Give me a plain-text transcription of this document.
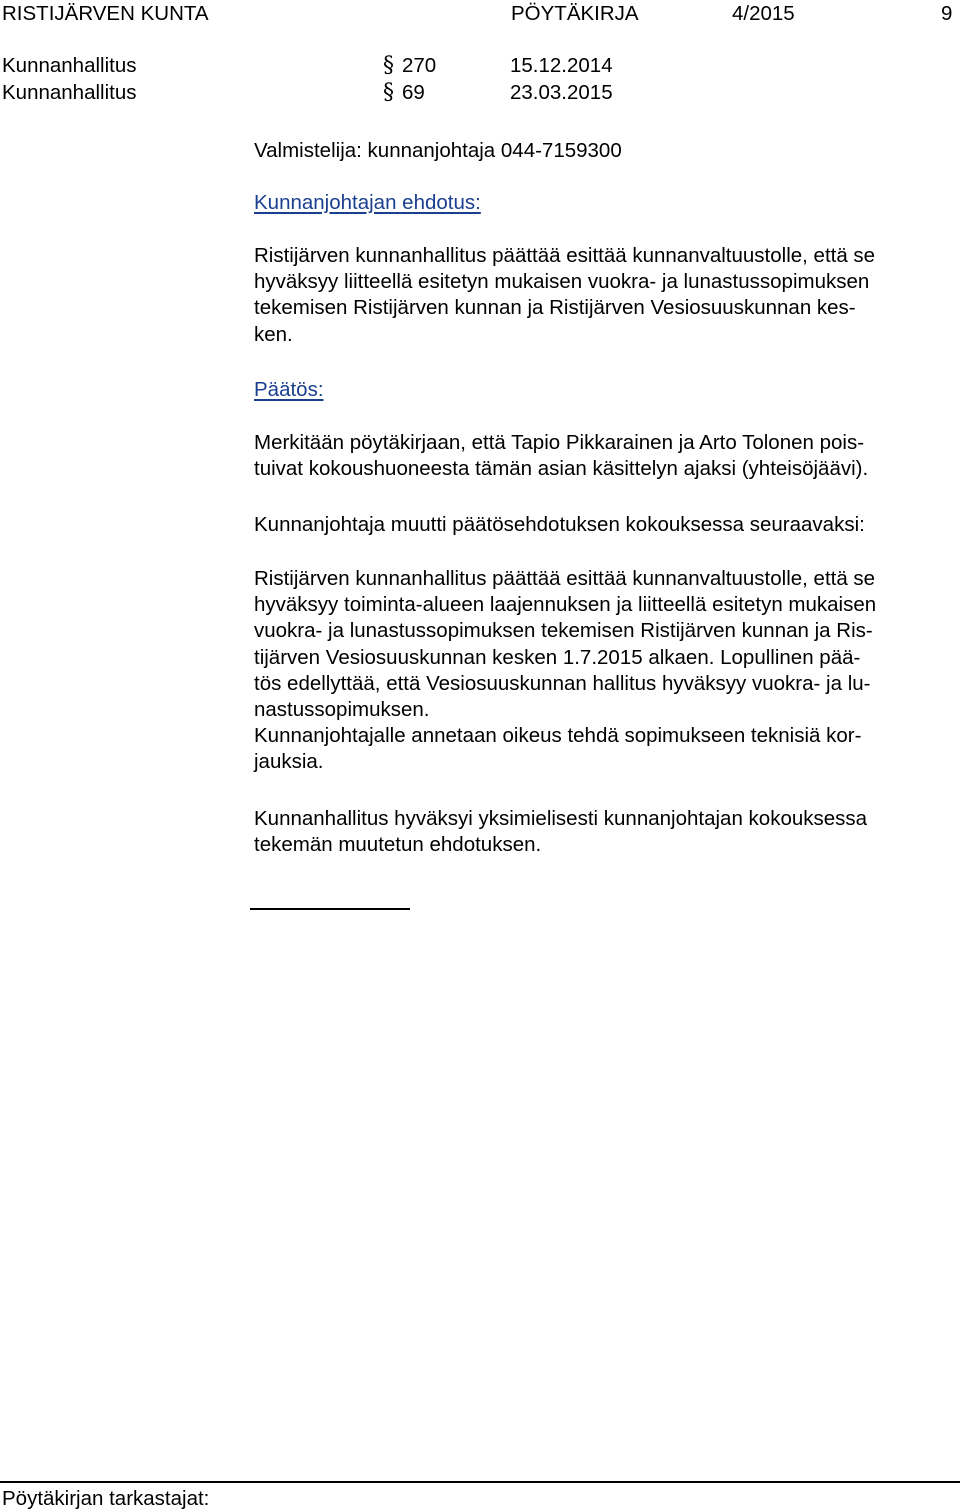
RISTIJÄRVEN KUNTA	PÖYTÄKIRJA	4/2015	9
Kunnanhallitus	§ 270	15.12.2014
Kunnanhallitus	§ 69	23.03.2015
Valmistelija: kunnanjohtaja 044-7159300
Kunnanjohtajan ehdotus:
Ristijärven kunnanhallitus päättää esittää kunnanvaltuustolle, että se
hyväksyy liitteellä esitetyn mukaisen vuokra- ja lunastussopimuksen
tekemisen Ristijärven kunnan ja Ristijärven Vesiosuuskunnan kes-
ken.
Päätös:
Merkitään pöytäkirjaan, että Tapio Pikkarainen ja Arto Tolonen pois-
tuivat kokoushuoneesta tämän asian käsittelyn ajaksi (yhteisöjäävi).
Kunnanjohtaja muutti päätösehdotuksen kokouksessa seuraavaksi:
Ristijärven kunnanhallitus päättää esittää kunnanvaltuustolle, että se
hyväksyy toiminta-alueen laajennuksen ja liitteellä esitetyn mukaisen
vuokra- ja lunastussopimuksen tekemisen Ristijärven kunnan ja Ris-
tijärven Vesiosuuskunnan kesken 1.7.2015 alkaen. Lopullinen pää-
tös edellyttää, että Vesiosuuskunnan hallitus hyväksyy vuokra- ja lu-
nastussopimuksen.
Kunnanjohtajalle annetaan oikeus tehdä sopimukseen teknisiä kor-
jauksia.
Kunnanhallitus hyväksyi yksimielisesti kunnanjohtajan kokouksessa
tekemän muutetun ehdotuksen.
Pöytäkirjan tarkastajat:
